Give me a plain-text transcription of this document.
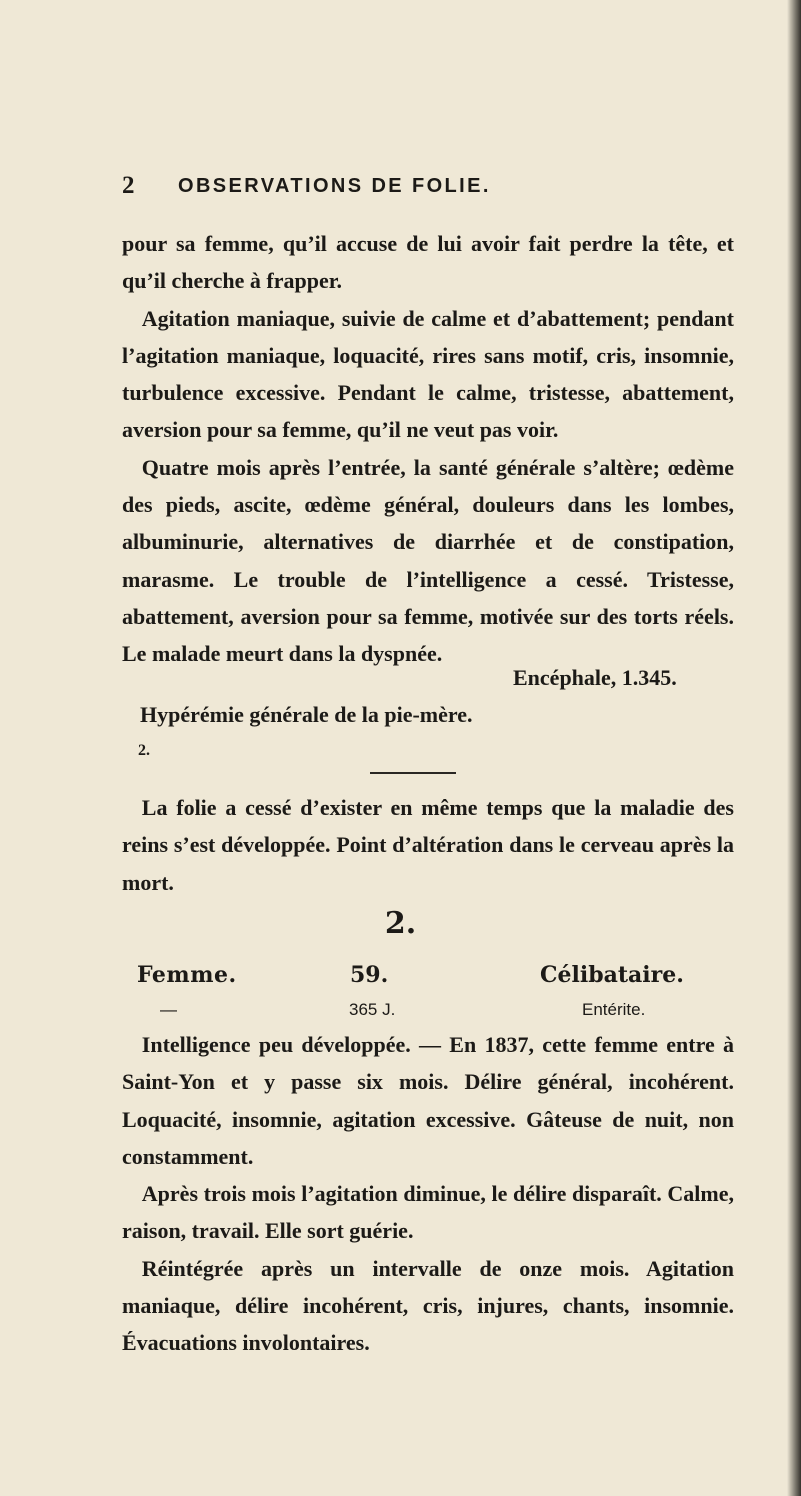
2 OBSERVATIONS DE FOLIE.

pour sa femme, qu’il accuse de lui avoir fait perdre la tête, et qu’il cherche à frapper.

Agitation maniaque, suivie de calme et d’abattement; pendant l’agitation maniaque, loquacité, rires sans motif, cris, insomnie, turbulence excessive. Pendant le calme, tristesse, abattement, aversion pour sa femme, qu’il ne veut pas voir.

Quatre mois après l’entrée, la santé générale s’altère; œdème des pieds, ascite, œdème général, douleurs dans les lombes, albuminurie, alternatives de diarrhée et de constipation, marasme. Le trouble de l’intelligence a cessé. Tristesse, abattement, aversion pour sa femme, motivée sur des torts réels. Le malade meurt dans la dyspnée.

Encéphale, 1.345.
Hypérémie générale de la pie-mère.
2.

La folie a cessé d’exister en même temps que la maladie des reins s’est développée. Point d’altération dans le cerveau après la mort.

2.
Femme.	59.	Célibataire.
—	365 J.	Entérite.

Intelligence peu développée. — En 1837, cette femme entre à Saint-Yon et y passe six mois. Délire général, incohérent. Loquacité, insomnie, agitation excessive. Gâteuse de nuit, non constamment.

Après trois mois l’agitation diminue, le délire disparaît. Calme, raison, travail. Elle sort guérie.

Réintégrée après un intervalle de onze mois. Agitation maniaque, délire incohérent, cris, injures, chants, insomnie. Évacuations involontaires.
